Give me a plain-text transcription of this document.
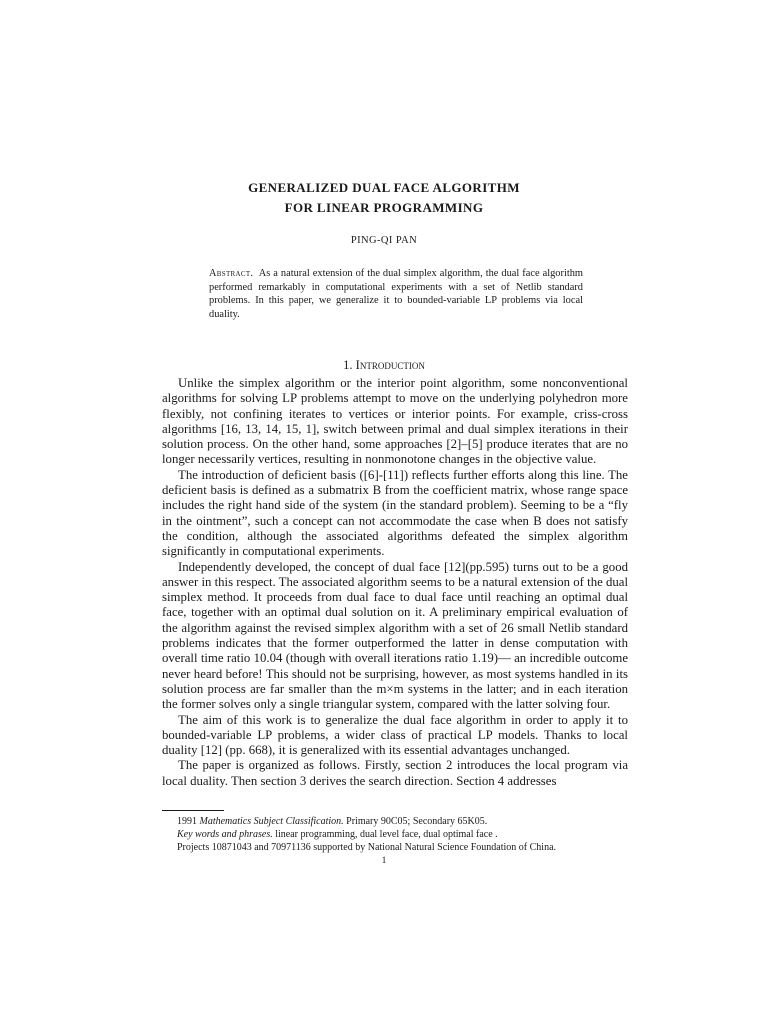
GENERALIZED DUAL FACE ALGORITHM
FOR LINEAR PROGRAMMING
PING-QI PAN
Abstract. As a natural extension of the dual simplex algorithm, the dual face algorithm performed remarkably in computational experiments with a set of Netlib standard problems. In this paper, we generalize it to bounded-variable LP problems via local duality.
1. Introduction

Unlike the simplex algorithm or the interior point algorithm, some nonconventional algorithms for solving LP problems attempt to move on the underlying polyhedron more flexibly, not confining iterates to vertices or interior points. For example, criss-cross algorithms [16, 13, 14, 15, 1], switch between primal and dual simplex iterations in their solution process. On the other hand, some approaches [2]–[5] produce iterates that are no longer necessarily vertices, resulting in nonmonotone changes in the objective value.

The introduction of deficient basis ([6]-[11]) reflects further efforts along this line. The deficient basis is defined as a submatrix B from the coefficient matrix, whose range space includes the right hand side of the system (in the standard problem). Seeming to be a “fly in the ointment”, such a concept can not accommodate the case when B does not satisfy the condition, although the associated algorithms defeated the simplex algorithm significantly in computational experiments.

Independently developed, the concept of dual face [12](pp.595) turns out to be a good answer in this respect. The associated algorithm seems to be a natural extension of the dual simplex method. It proceeds from dual face to dual face until reaching an optimal dual face, together with an optimal dual solution on it. A preliminary empirical evaluation of the algorithm against the revised simplex algorithm with a set of 26 small Netlib standard problems indicates that the former outperformed the latter in dense computation with overall time ratio 10.04 (though with overall iterations ratio 1.19)— an incredible outcome never heard before! This should not be surprising, however, as most systems handled in its solution process are far smaller than the m×m systems in the latter; and in each iteration the former solves only a single triangular system, compared with the latter solving four.

The aim of this work is to generalize the dual face algorithm in order to apply it to bounded-variable LP problems, a wider class of practical LP models. Thanks to local duality [12] (pp. 668), it is generalized with its essential advantages unchanged.

The paper is organized as follows. Firstly, section 2 introduces the local program via local duality. Then section 3 derives the search direction. Section 4 addresses

1991 Mathematics Subject Classification. Primary 90C05; Secondary 65K05.
Key words and phrases. linear programming, dual level face, dual optimal face .
Projects 10871043 and 70971136 supported by National Natural Science Foundation of China.
1
